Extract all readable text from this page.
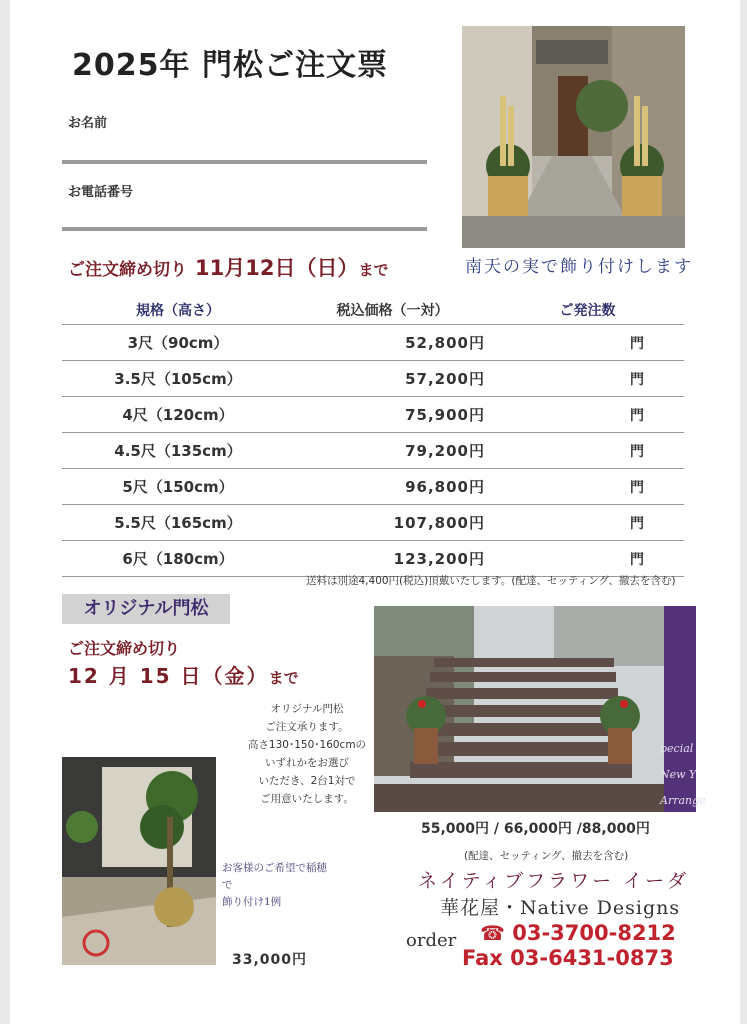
2025年 門松ご注文票
お名前
お電話番号
ご注文締め切り 11月12日（日）まで	南天の実で飾り付けします
規格（高さ）	税込価格（一対）	ご発注数
3尺（90cm）	52,800円	門
3.5尺（105cm）	57,200円	門
4尺（120cm）	75,900円	門
4.5尺（135cm）	79,200円	門
5尺（150cm）	96,800円	門
5.5尺（165cm）	107,800円	門
6尺（180cm）	123,200円	門
送料は別途4,400円(税込)頂戴いたします。(配達、セッティング、撤去を含む)
オリジナル門松
ご注文締め切り
12 月 15 日（金）まで
オリジナル門松
ご注文承ります。
高さ130･150･160cmの
いずれかをお選び
いただき、2台1対で
ご用意いたします。
pecial
New Y
Arrange
55,000円 / 66,000円 /88,000円
(配達、セッティング、撤去を含む)
お客様のご希望で稲穂で
飾り付け1例
33,000円
ネイティブフラワー イーダ
華花屋・Native Designs
order ☎ 03-3700-8212
Fax 03-6431-0873
